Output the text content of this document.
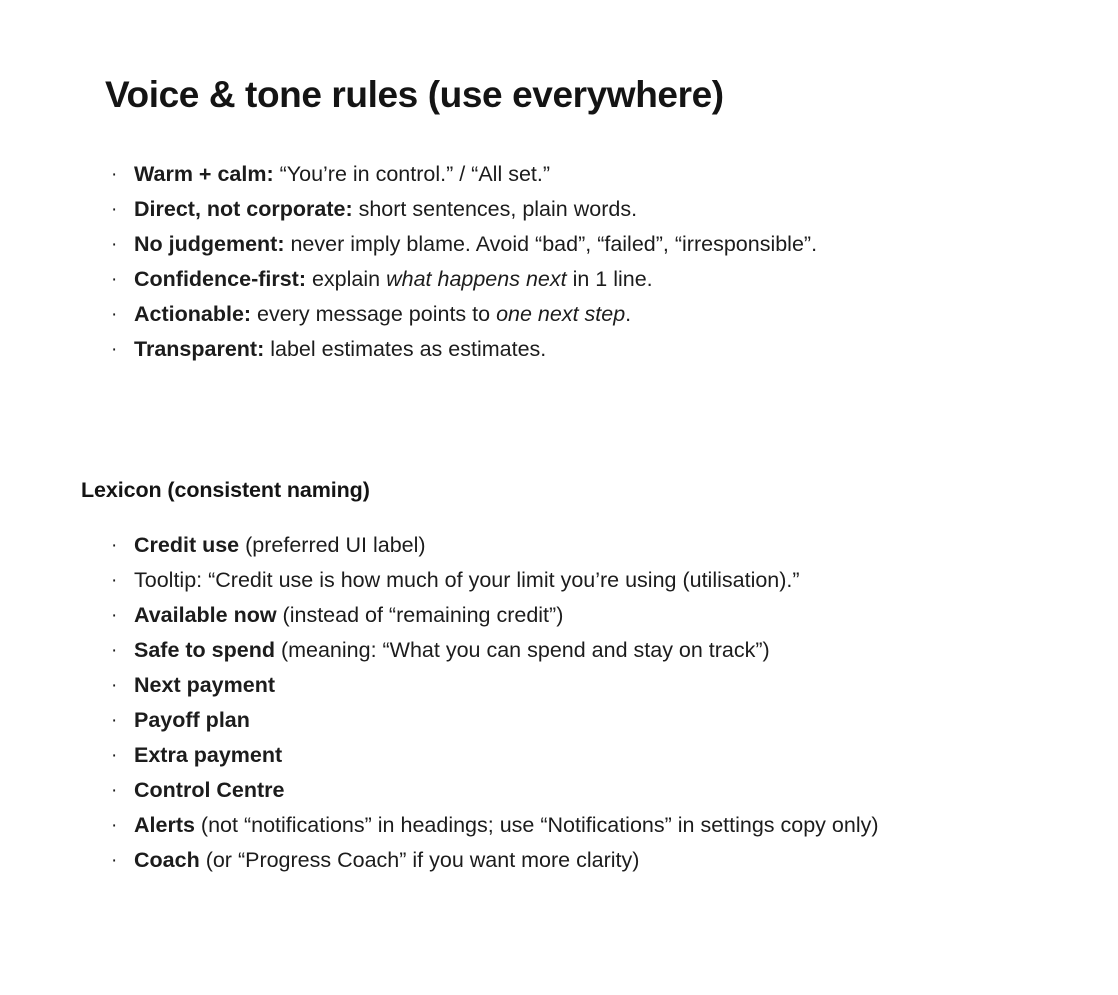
Voice & tone rules (use everywhere)
· Warm + calm: “You’re in control.” / “All set.”
· Direct, not corporate: short sentences, plain words.
· No judgement: never imply blame. Avoid “bad”, “failed”, “irresponsible”.
· Confidence-first: explain what happens next in 1 line.
· Actionable: every message points to one next step.
· Transparent: label estimates as estimates.
Lexicon (consistent naming)
· Credit use (preferred UI label)
· Tooltip: “Credit use is how much of your limit you’re using (utilisation).”
· Available now (instead of “remaining credit”)
· Safe to spend (meaning: “What you can spend and stay on track”)
· Next payment
· Payoff plan
· Extra payment
· Control Centre
· Alerts (not “notifications” in headings; use “Notifications” in settings copy only)
· Coach (or “Progress Coach” if you want more clarity)
